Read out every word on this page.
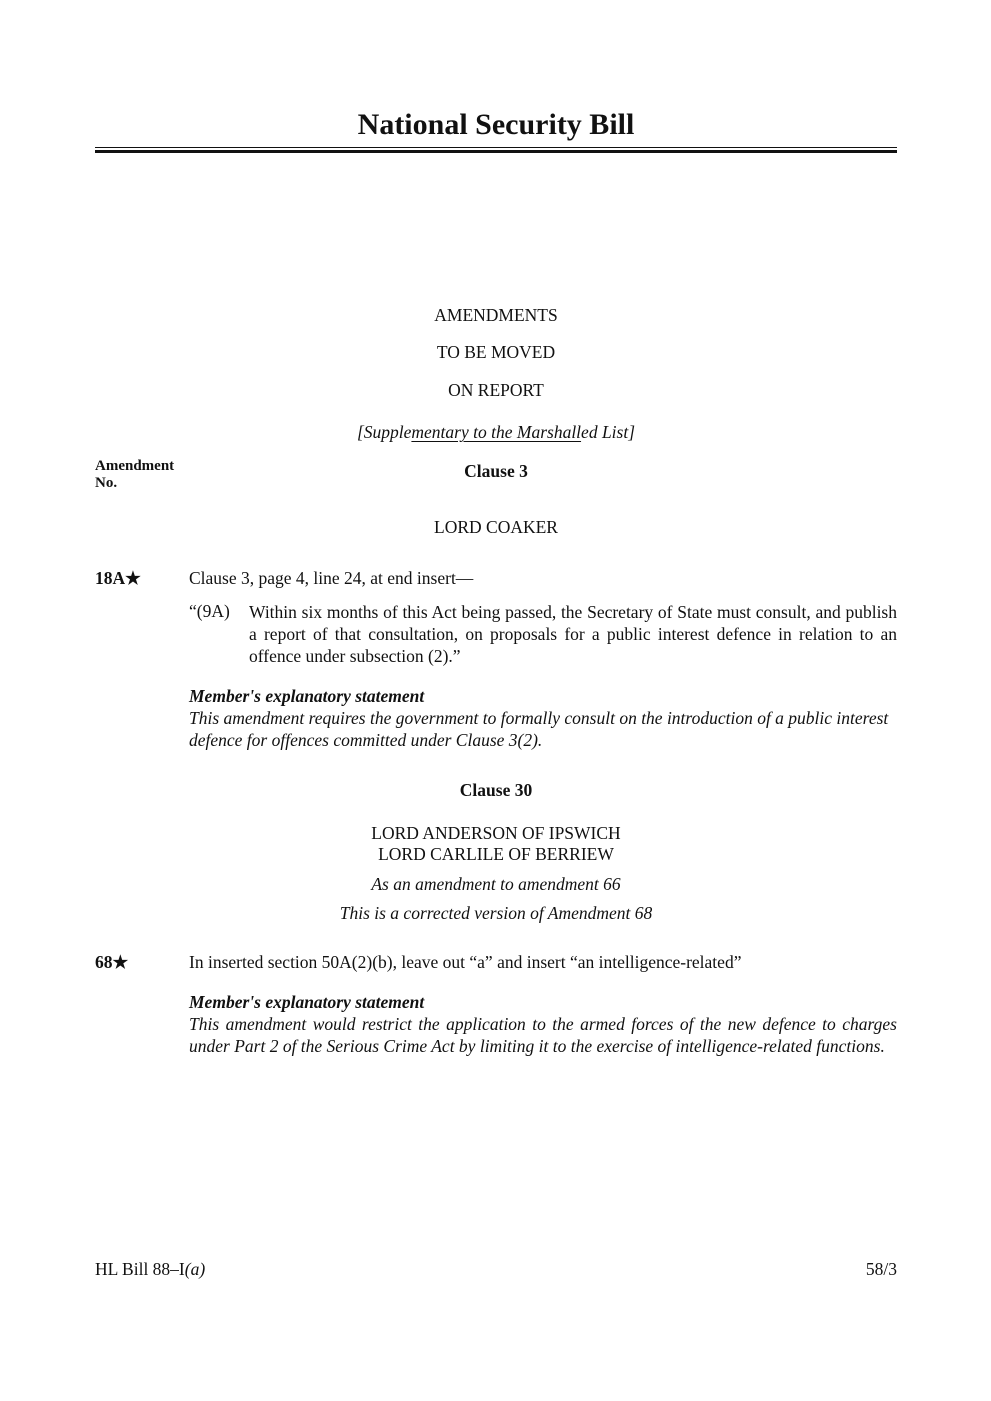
National Security Bill
AMENDMENTS
TO BE MOVED
ON REPORT
[Supplementary to the Marshalled List]
Amendment
No.
Clause 3
LORD COAKER
18A★	Clause 3, page 4, line 24, at end insert—
“(9A) Within six months of this Act being passed, the Secretary of State must consult, and publish a report of that consultation, on proposals for a public interest defence in relation to an offence under subsection (2).”
Member's explanatory statement
This amendment requires the government to formally consult on the introduction of a public interest defence for offences committed under Clause 3(2).
Clause 30
LORD ANDERSON OF IPSWICH
LORD CARLILE OF BERRIEW
As an amendment to amendment 66
This is a corrected version of Amendment 68
68★	In inserted section 50A(2)(b), leave out “a” and insert “an intelligence-related”
Member's explanatory statement
This amendment would restrict the application to the armed forces of the new defence to charges under Part 2 of the Serious Crime Act by limiting it to the exercise of intelligence-related functions.
HL Bill 88–I(a)	58/3
